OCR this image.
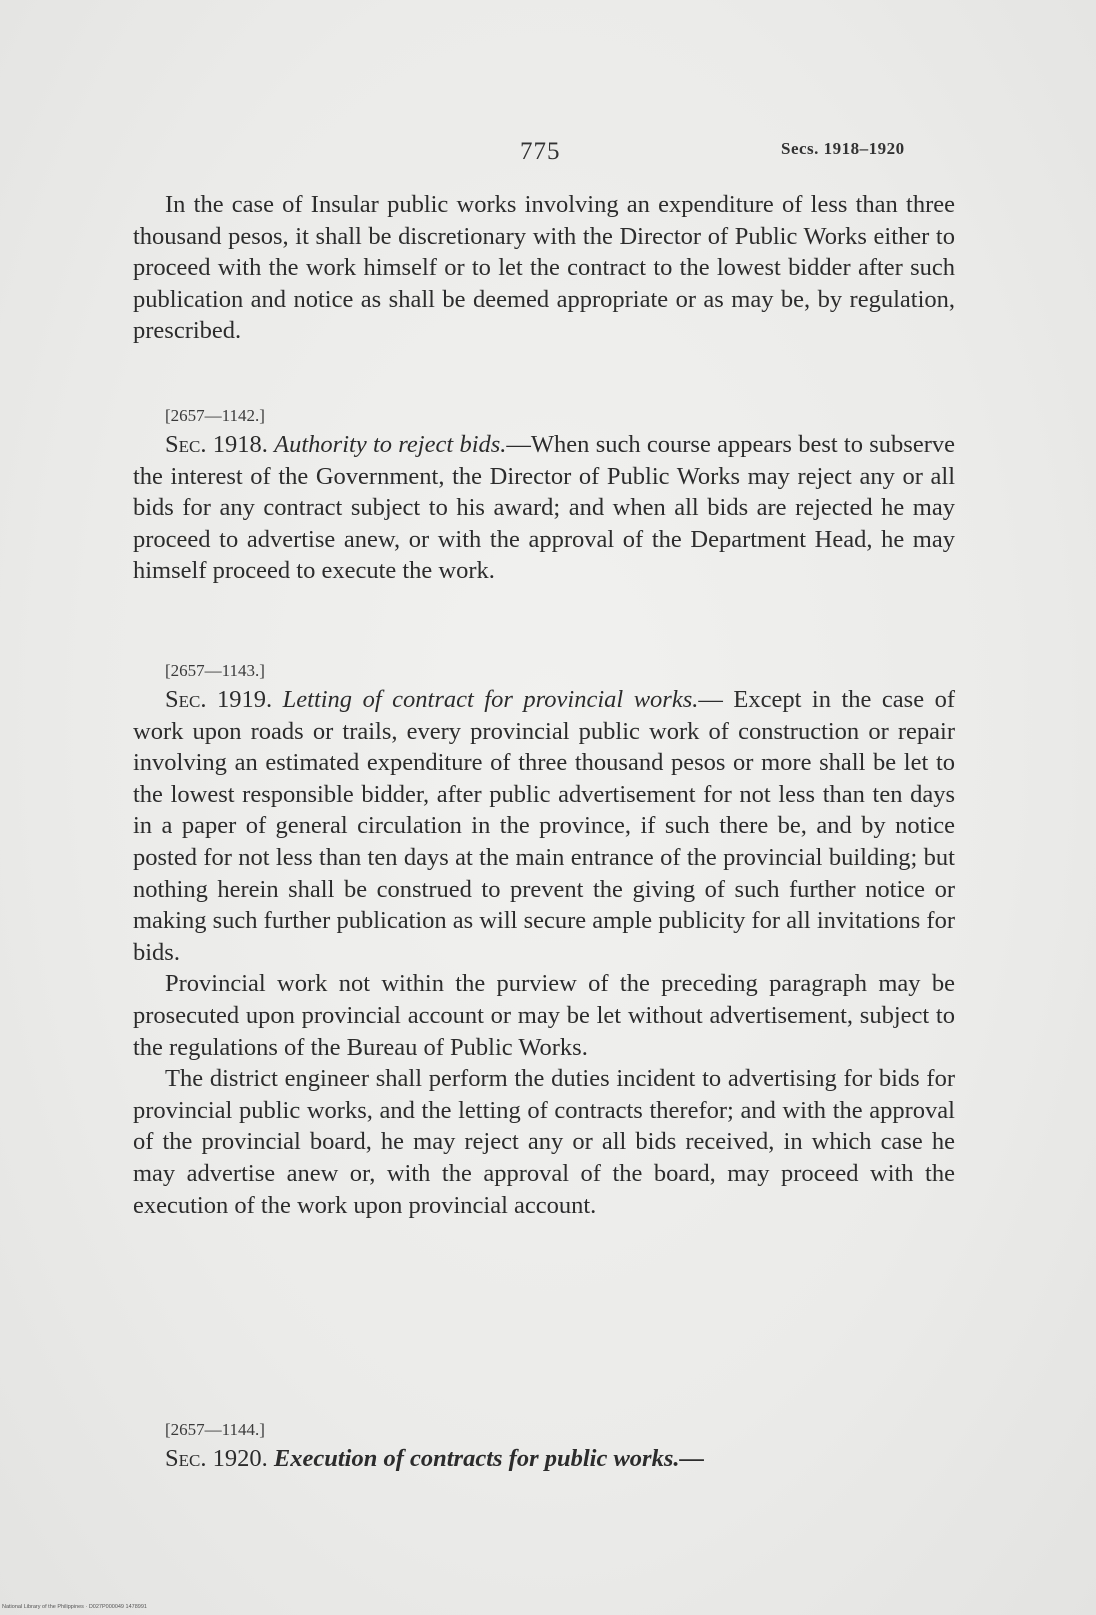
775	Secs. 1918–1920

In the case of Insular public works involving an expenditure of less than three thousand pesos, it shall be discretionary with the Director of Public Works either to proceed with the work himself or to let the contract to the lowest bidder after such publication and notice as shall be deemed appropriate or as may be, by regulation, prescribed.

[2657—1142.]

Sec. 1918. Authority to reject bids.—When such course appears best to subserve the interest of the Government, the Director of Public Works may reject any or all bids for any contract subject to his award; and when all bids are rejected he may proceed to advertise anew, or with the approval of the Department Head, he may himself proceed to execute the work.

[2657—1143.]

Sec. 1919. Letting of contract for provincial works.— Except in the case of work upon roads or trails, every provincial public work of construction or repair involving an estimated expenditure of three thousand pesos or more shall be let to the lowest responsible bidder, after public advertisement for not less than ten days in a paper of general circulation in the province, if such there be, and by notice posted for not less than ten days at the main entrance of the provincial building; but nothing herein shall be construed to prevent the giving of such further notice or making such further publication as will secure ample publicity for all invitations for bids.

Provincial work not within the purview of the preceding paragraph may be prosecuted upon provincial account or may be let without advertisement, subject to the regulations of the Bureau of Public Works.

The district engineer shall perform the duties incident to advertising for bids for provincial public works, and the letting of contracts therefor; and with the approval of the provincial board, he may reject any or all bids received, in which case he may advertise anew or, with the approval of the board, may proceed with the execution of the work upon provincial account.

[2657—1144.]

Sec. 1920. Execution of contracts for public works.—

National Library of the Philippines · D027P000049 1478991
